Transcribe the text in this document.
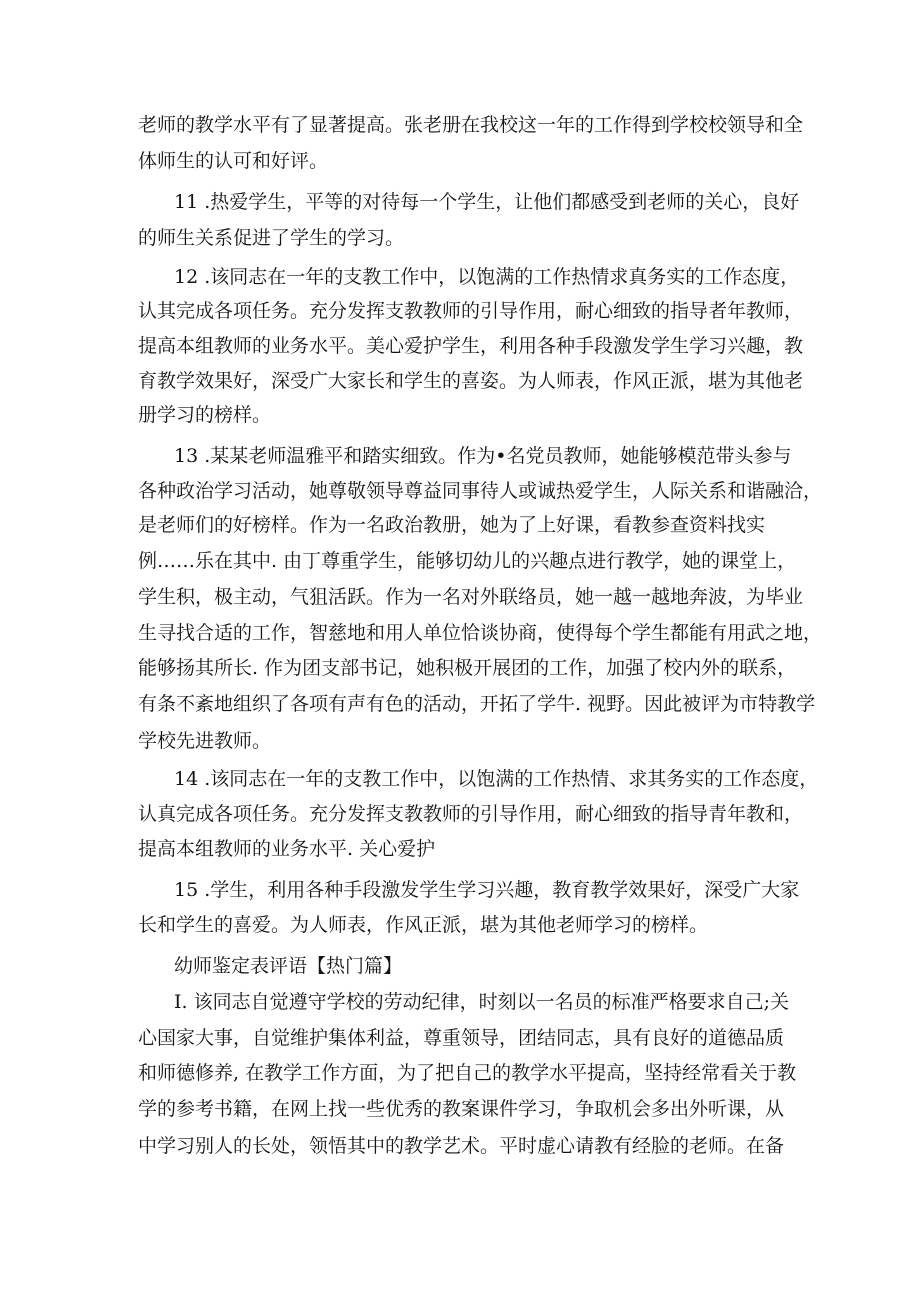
老师的教学水平有了显著提高。张老册在我校这一年的工作得到学校校领导和全
体师生的认可和好评。
11 .热爱学生，平等的对待每一个学生，让他们都感受到老师的关心，良好
的师生关系促进了学生的学习。
12 .该同志在一年的支教工作中，以饱满的工作热情求真务实的工作态度，
认其完成各项任务。充分发挥支教教师的引导作用，耐心细致的指导者年教师，
提高本组教师的业务水平。美心爱护学生，利用各种手段激发学生学习兴趣，教
育教学效果好，深受广大家长和学生的喜姿。为人师表，作风正派，堪为其他老
册学习的榜样。
13 .某某老师温雅平和踏实细致。作为•名党员教师，她能够模范带头参与
各种政治学习活动，她尊敬领导尊益同事待人或诚热爱学生，人际关系和谐融洽，
是老师们的好榜样。作为一名政治教册，她为了上好课，看教参查资料找实
例……乐在其中. 由丁尊重学生，能够切幼儿的兴趣点进行教学，她的课堂上，
学生积，极主动，气狙活跃。作为一名对外联络员，她一越一越地奔波，为毕业
生寻找合适的工作，智慈地和用人单位恰谈协商，使得每个学生都能有用武之地，
能够扬其所长. 作为团支部书记，她积极开展团的工作，加强了校内外的联系，
有条不紊地组织了各项有声有色的活动，开拓了学牛. 视野。因此被评为市特教学
学校先进教师。
14 .该同志在一年的支教工作中，以饱满的工作热情、求其务实的工作态度，
认真完成各项任务。充分发挥支教教师的引导作用，耐心细致的指导青年教和，
提高本组教师的业务水平. 关心爱护
15 .学生，利用各种手段激发学生学习兴趣，教育教学效果好，深受广大家
长和学生的喜爱。为人师表，作风正派，堪为其他老师学习的榜样。
幼师鉴定表评语【热门篇】
I. 该同志自觉遵守学校的劳动纪律，时刻以一名员的标准严格要求自己;关
心国家大事，自觉维护集体利益，尊重领导，团结同志，具有良好的道德品质
和师德修养, 在教学工作方面，为了把自己的教学水平提高，坚持经常看关于教
学的参考书籍，在网上找一些优秀的教案课件学习，争取机会多出外听课，从
中学习别人的长处，领悟其中的教学艺术。平时虚心请教有经脸的老师。在备
